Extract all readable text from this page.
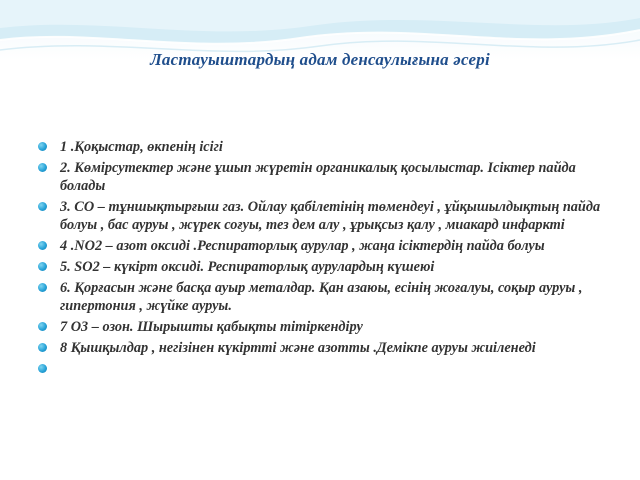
Ластауыштардың адам денсаулығына әсері
1 .Қоқыстар, өкпенің ісігі
2. Көмірсутектер және ұшып жүретін органикалық қосылыстар. Ісіктер пайда болады
3. СО – тұншықтырғыш газ. Ойлау қабілетінің төмендеуі , ұйқышылдықтың пайда болуы , бас ауруы , жүрек соғуы, тез дем алу , ұрықсыз қалу , миакард инфаркті
4 .NO2 – азот оксиді .Респираторлық аурулар , жаңа ісіктердің пайда болуы
5. SO2 – күкірт оксиді. Респираторлық аурулардың күшеюі
6. Қорғасын және басқа ауыр металдар. Қан азаюы, есінің жоғалуы, соқыр ауруы , гипертония , жүйке ауруы.
7 О3 – озон. Шырышты қабықты тітіркендіру
8 Қышқылдар , негізінен күкіртті және азотты .Демікпе ауруы жиіленеді
